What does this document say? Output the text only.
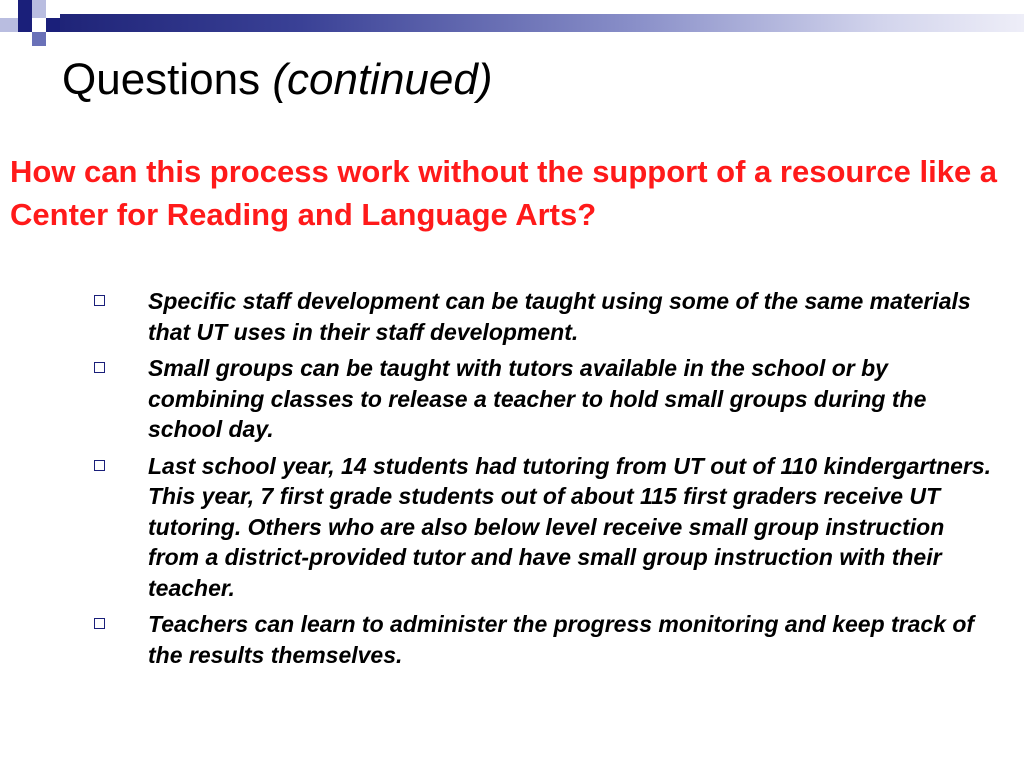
Questions (continued)

How can this process work without the support of a resource like a Center for Reading and Language Arts?

Specific staff development can be taught using some of the same materials that UT uses in their staff development.
Small groups can be taught with tutors available in the school or by combining classes to release a teacher to hold small groups during the school day.
Last school year, 14 students had tutoring from UT out of 110 kindergartners. This year, 7 first grade students out of about 115 first graders receive UT tutoring. Others who are also below level receive small group instruction from a district-provided tutor and have small group instruction with their teacher.
Teachers can learn to administer the progress monitoring and keep track of the results themselves.
